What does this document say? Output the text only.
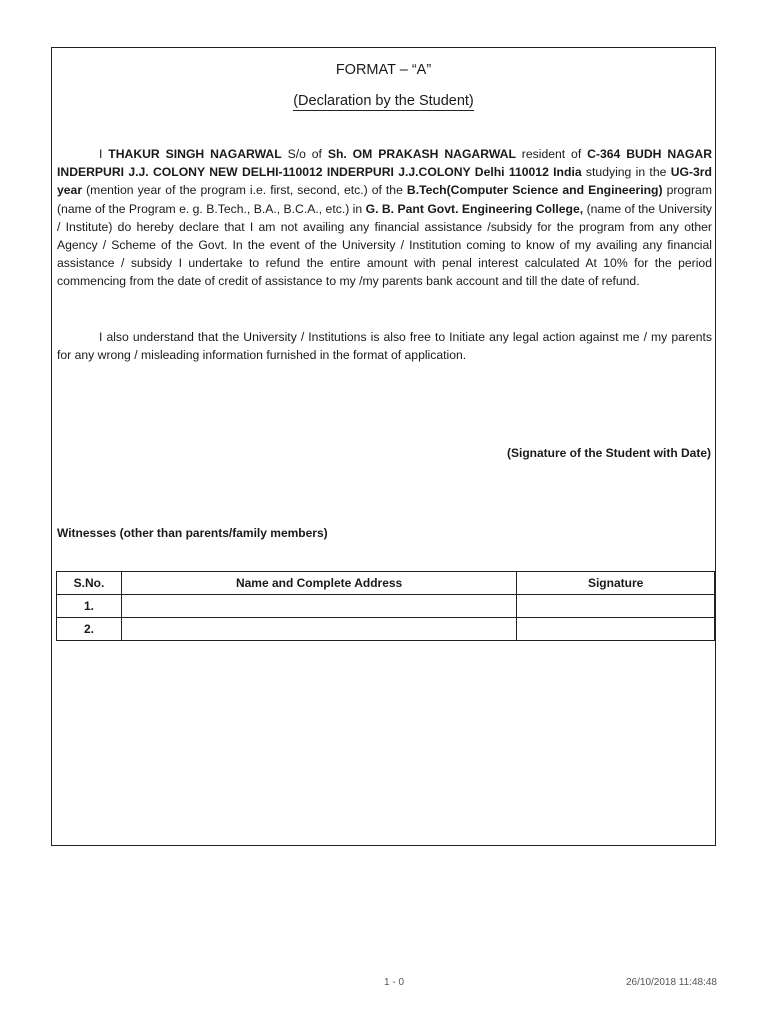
FORMAT – “A”
(Declaration by the Student)

I THAKUR SINGH NAGARWAL S/o of Sh. OM PRAKASH NAGARWAL resident of C-364 BUDH NAGAR INDERPURI J.J. COLONY NEW DELHI-110012 INDERPURI J.J.COLONY Delhi 110012 India studying in the UG-3rd year (mention year of the program i.e. first, second, etc.) of the B.Tech(Computer Science and Engineering) program (name of the Program e. g. B.Tech., B.A., B.C.A., etc.) in G. B. Pant Govt. Engineering College, (name of the University / Institute) do hereby declare that I am not availing any financial assistance /subsidy for the program from any other Agency / Scheme of the Govt. In the event of the University / Institution coming to know of my availing any financial assistance / subsidy I undertake to refund the entire amount with penal interest calculated At 10% for the period commencing from the date of credit of assistance to my /my parents bank account and till the date of refund.

I also understand that the University / Institutions is also free to Initiate any legal action against me / my parents for any wrong / misleading information furnished in the format of application.

(Signature of the Student with Date)
Witnesses (other than parents/family members)
S.No.	Name and Complete Address	Signature
1.		
2.		
1 - 0	26/10/2018 11:48:48
